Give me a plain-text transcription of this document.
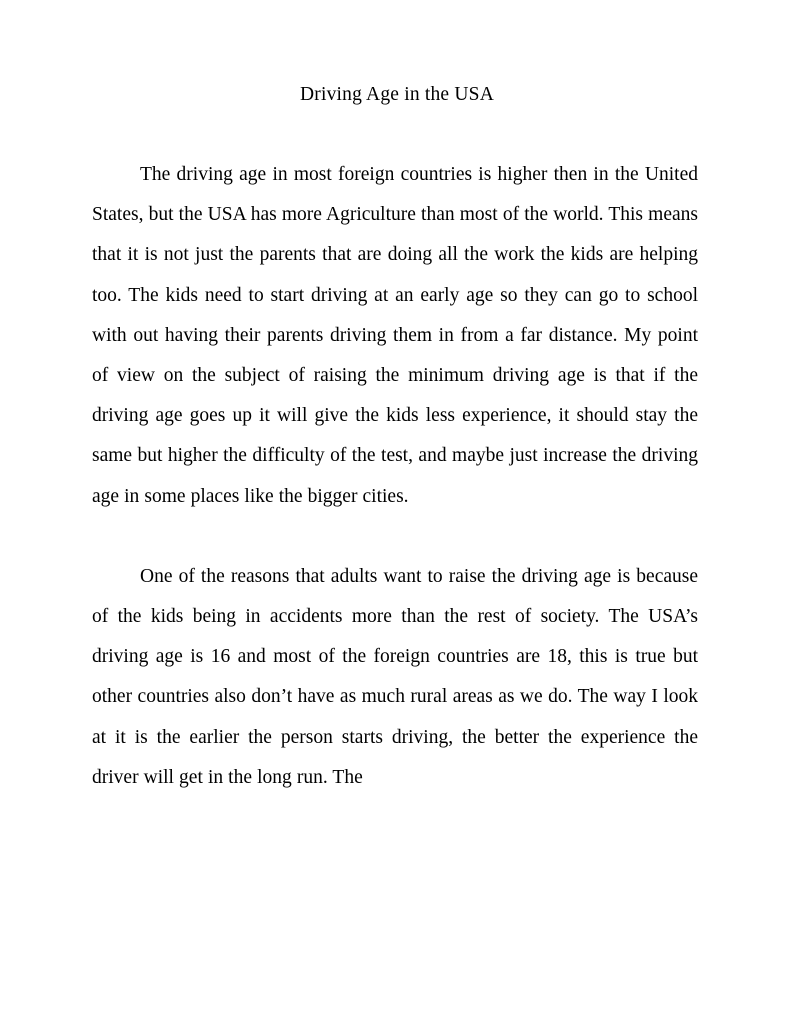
Driving Age in the USA

The driving age in most foreign countries is higher then in the United States, but the USA has more Agriculture than most of the world. This means that it is not just the parents that are doing all the work the kids are helping too. The kids need to start driving at an early age so they can go to school with out having their parents driving them in from a far distance. My point of view on the subject of raising the minimum driving age is that if the driving age goes up it will give the kids less experience, it should stay the same but higher the difficulty of the test, and maybe just increase the driving age in some places like the bigger cities.

One of the reasons that adults want to raise the driving age is because of the kids being in accidents more than the rest of society. The USA’s driving age is 16 and most of the foreign countries are 18, this is true but other countries also don’t have as much rural areas as we do. The way I look at it is the earlier the person starts driving, the better the experience the driver will get in the long run. The
